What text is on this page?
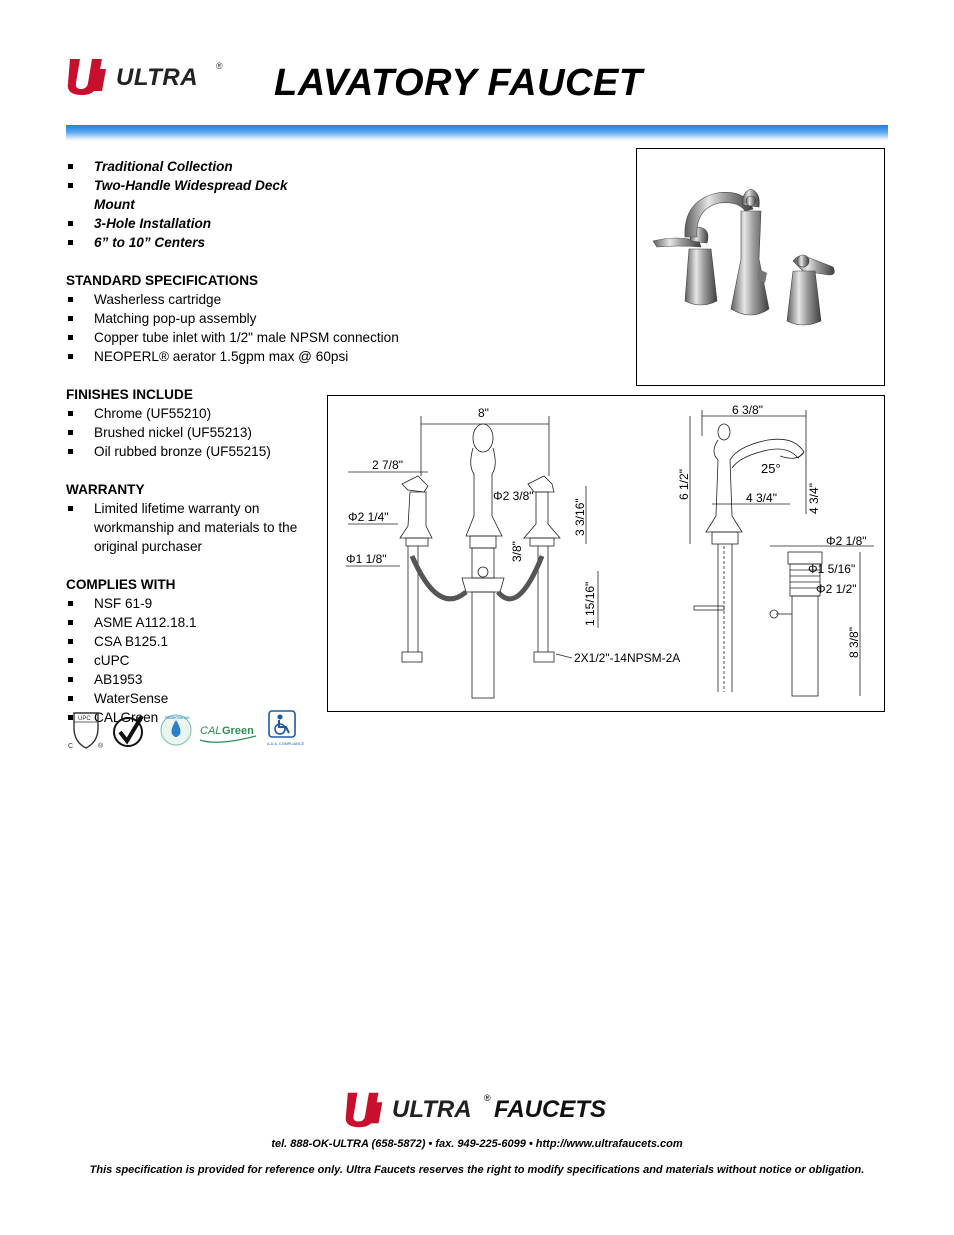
ULTRA ® LAVATORY FAUCET
Traditional Collection
Two-Handle Widespread Deck Mount
3-Hole Installation
6” to 10” Centers
STANDARD SPECIFICATIONS
Washerless cartridge
Matching pop-up assembly
Copper tube inlet with 1/2" male NPSM connection
NEOPERL® aerator 1.5gpm max @ 60psi
FINISHES INCLUDE
Chrome (UF55210)
Brushed nickel (UF55213)
Oil rubbed bronze (UF55215)
WARRANTY
Limited lifetime warranty on workmanship and materials to the original purchaser
COMPLIES WITH
NSF 61-9
ASME A112.18.1
CSA B125.1
cUPC
AB1953
WaterSense
CALGreen
8"
2 7/8"
Φ2 1/4"
Φ1 1/8"
Φ2 3/8"
3 3/16"
3/8"
1 15/16"
2X1/2"-14NPSM-2A
6 3/8"
6 1/2"
25°
4 3/4"	4 3/4"
Φ2 1/8"
Φ1 5/16"
Φ2 1/2"
8 3/8"
UPC
C	®
WaterSense
CAL Green
A.D.A. COMPLIANCE
ULTRA ® FAUCETS
tel. 888-OK-ULTRA (658-5872) • fax. 949-225-6099 • http://www.ultrafaucets.com
This specification is provided for reference only. Ultra Faucets reserves the right to modify specifications and materials without notice or obligation.
